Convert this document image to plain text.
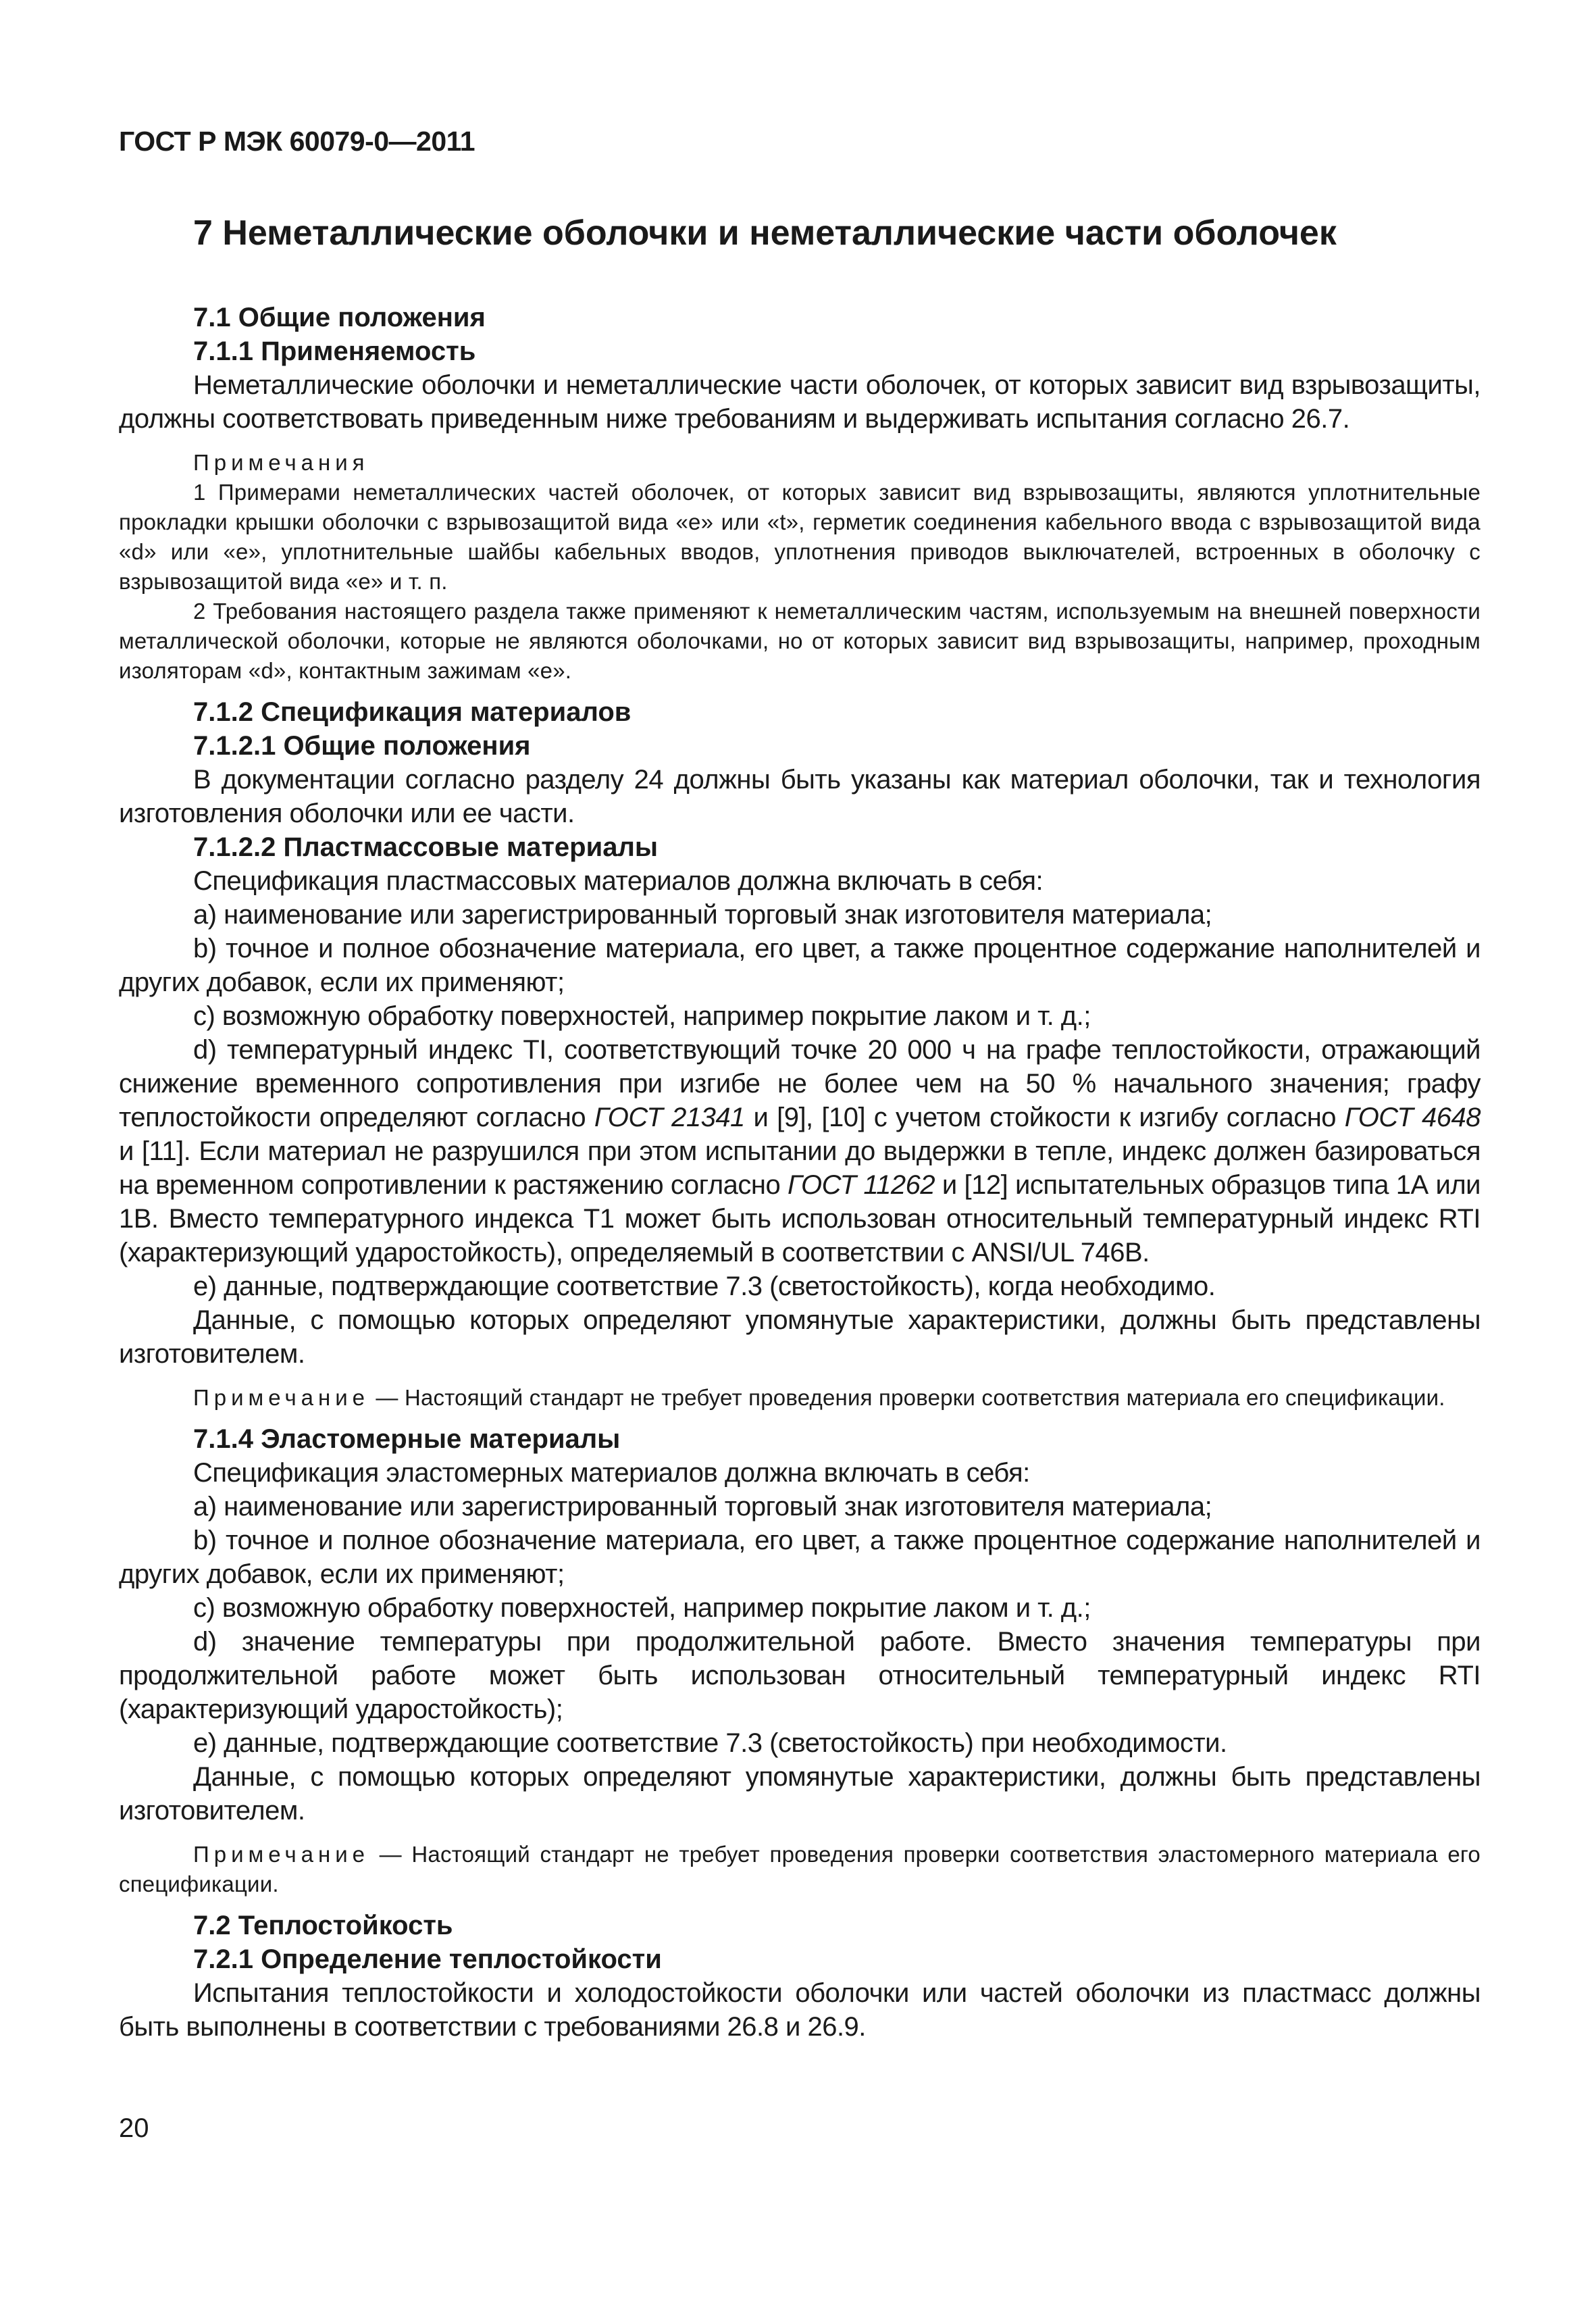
ГОСТ Р МЭК 60079-0—2011
7 Неметаллические оболочки и неметаллические части оболочек

7.1 Общие положения

7.1.1 Применяемость

Неметаллические оболочки и неметаллические части оболочек, от которых зависит вид взрывозащиты, должны соответствовать приведенным ниже требованиям и выдерживать испытания согласно 26.7.

Примечания

1 Примерами неметаллических частей оболочек, от которых зависит вид взрывозащиты, являются уплотнительные прокладки крышки оболочки с взрывозащитой вида «e» или «t», герметик соединения кабельного ввода с взрывозащитой вида «d» или «e», уплотнительные шайбы кабельных вводов, уплотнения приводов выключателей, встроенных в оболочку с взрывозащитой вида «e» и т. п.

2 Требования настоящего раздела также применяют к неметаллическим частям, используемым на внешней поверхности металлической оболочки, которые не являются оболочками, но от которых зависит вид взрывозащиты, например, проходным изоляторам «d», контактным зажимам «e».

7.1.2 Спецификация материалов

7.1.2.1 Общие положения

В документации согласно разделу 24 должны быть указаны как материал оболочки, так и технология изготовления оболочки или ее части.

7.1.2.2 Пластмассовые материалы

Спецификация пластмассовых материалов должна включать в себя:

а) наименование или зарегистрированный торговый знак изготовителя материала;

b) точное и полное обозначение материала, его цвет, а также процентное содержание наполнителей и других добавок, если их применяют;

с) возможную обработку поверхностей, например покрытие лаком и т. д.;

d) температурный индекс TI, соответствующий точке 20 000 ч на графе теплостойкости, отражающий снижение временного сопротивления при изгибе не более чем на 50 % начального значения; графу теплостойкости определяют согласно ГОСТ 21341 и [9], [10] с учетом стойкости к изгибу согласно ГОСТ 4648 и [11]. Если материал не разрушился при этом испытании до выдержки в тепле, индекс должен базироваться на временном сопротивлении к растяжению согласно ГОСТ 11262 и [12] испытательных образцов типа 1А или 1В. Вместо температурного индекса Т1 может быть использован относительный температурный индекс RTI (характеризующий ударостойкость), определяемый в соответствии с ANSI/UL 746B.

е) данные, подтверждающие соответствие 7.3 (светостойкость), когда необходимо.

Данные, с помощью которых определяют упомянутые характеристики, должны быть представлены изготовителем.

Примечание — Настоящий стандарт не требует проведения проверки соответствия материала его спецификации.

7.1.4 Эластомерные материалы

Спецификация эластомерных материалов должна включать в себя:

а) наименование или зарегистрированный торговый знак изготовителя материала;

b) точное и полное обозначение материала, его цвет, а также процентное содержание наполнителей и других добавок, если их применяют;

с) возможную обработку поверхностей, например покрытие лаком и т. д.;

d) значение температуры при продолжительной работе. Вместо значения температуры при продолжительной работе может быть использован относительный температурный индекс RTI (характеризующий ударостойкость);

е) данные, подтверждающие соответствие 7.3 (светостойкость) при необходимости.

Данные, с помощью которых определяют упомянутые характеристики, должны быть представлены изготовителем.

Примечание — Настоящий стандарт не требует проведения проверки соответствия эластомерного материала его спецификации.

7.2 Теплостойкость

7.2.1 Определение теплостойкости

Испытания теплостойкости и холодостойкости оболочки или частей оболочки из пластмасс должны быть выполнены в соответствии с требованиями 26.8 и 26.9.

20
